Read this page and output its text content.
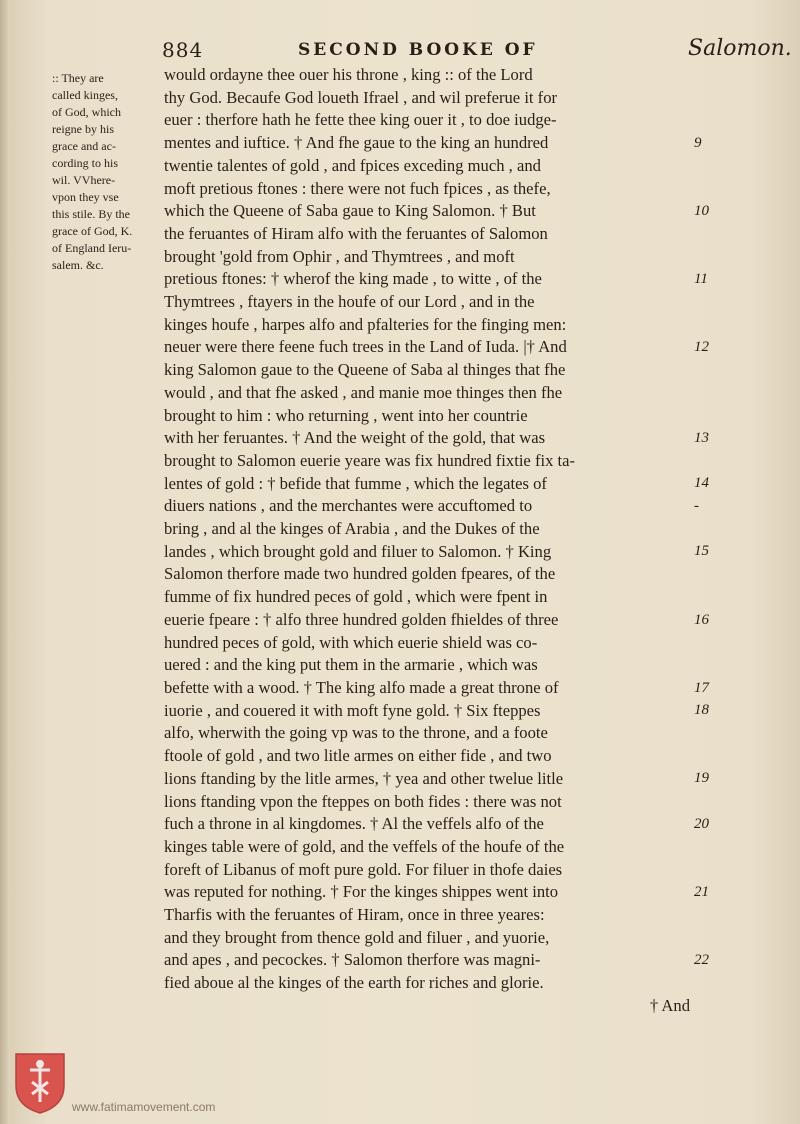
884	SECOND BOOKE OF	Salomon.
:: They are
called kinges,
of God, which
reigne by his
grace and ac-
cording to his
wil. VVhere-
vpon they vse
this stile. By the
grace of God, K.
of England Ieru-
salem. &c.
would ordayne thee ouer his throne , king :: of the Lord
thy God. Becaufe God loueth Ifrael , and wil preferue it for
euer : therfore hath he fette thee king ouer it , to doe iudge-
mentes and iuftice. † And fhe gaue to the king an hundred
twentie talentes of gold , and fpices exceding much , and
moft pretious ftones : there were not fuch fpices , as thefe,
which the Queene of Saba gaue to King Salomon. † But
the feruantes of Hiram alfo with the feruantes of Salomon
brought 'gold from Ophir , and Thymtrees , and moft
pretious ftones: † wherof the king made , to witte , of the
Thymtrees , ftayers in the houfe of our Lord , and in the
kinges houfe , harpes alfo and pfalteries for the finging men:
neuer were there feene fuch trees in the Land of Iuda. |† And
king Salomon gaue to the Queene of Saba al thinges that fhe
would , and that fhe asked , and manie moe thinges then fhe
brought to him : who returning , went into her countrie
with her feruantes. † And the weight of the gold, that was
brought to Salomon euerie yeare was fix hundred fixtie fix ta-
lentes of gold : † befide that fumme , which the legates of
diuers nations , and the merchantes were accuftomed to
bring , and al the kinges of Arabia , and the Dukes of the
landes , which brought gold and filuer to Salomon. † King
Salomon therfore made two hundred golden fpeares, of the
fumme of fix hundred peces of gold , which were fpent in
euerie fpeare : † alfo three hundred golden fhieldes of three
hundred peces of gold, with which euerie shield was co-
uered : and the king put them in the armarie , which was
befette with a wood. † The king alfo made a great throne of
iuorie , and couered it with moft fyne gold. † Six fteppes
alfo, wherwith the going vp was to the throne, and a foote
ftoole of gold , and two litle armes on either fide , and two
lions ftanding by the litle armes, † yea and other twelue litle
lions ftanding vpon the fteppes on both fides : there was not
fuch a throne in al kingdomes. † Al the veffels alfo of the
kinges table were of gold, and the veffels of the houfe of the
foreft of Libanus of moft pure gold. For filuer in thofe daies
was reputed for nothing. † For the kinges shippes went into
Tharfis with the feruantes of Hiram, once in three yeares:
and they brought from thence gold and filuer , and yuorie,
and apes , and pecockes. † Salomon therfore was magni-
fied aboue al the kinges of the earth for riches and glorie.
† And
9
10
11
12
13
14
-
15
16
17
18
19
20
21
22
www.fatimamovement.com
